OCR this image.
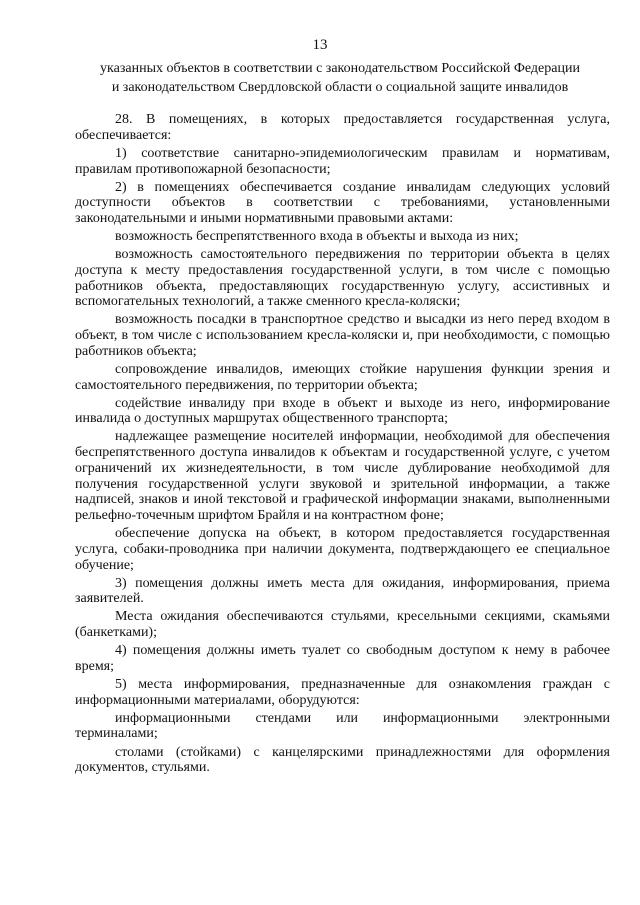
13
указанных объектов в соответствии с законодательством Российской Федерации
и законодательством Свердловской области о социальной защите инвалидов

28. В помещениях, в которых предоставляется государственная услуга, обеспечивается:

1) соответствие санитарно-эпидемиологическим правилам и нормативам, правилам противопожарной безопасности;

2) в помещениях обеспечивается создание инвалидам следующих условий доступности объектов в соответствии с требованиями, установленными законодательными и иными нормативными правовыми актами:

возможность беспрепятственного входа в объекты и выхода из них;

возможность самостоятельного передвижения по территории объекта в целях доступа к месту предоставления государственной услуги, в том числе с помощью работников объекта, предоставляющих государственную услугу, ассистивных и вспомогательных технологий, а также сменного кресла-коляски;

возможность посадки в транспортное средство и высадки из него перед входом в объект, в том числе с использованием кресла-коляски и, при необходимости, с помощью работников объекта;

сопровождение инвалидов, имеющих стойкие нарушения функции зрения и самостоятельного передвижения, по территории объекта;

содействие инвалиду при входе в объект и выходе из него, информирование инвалида о доступных маршрутах общественного транспорта;

надлежащее размещение носителей информации, необходимой для обеспечения беспрепятственного доступа инвалидов к объектам и государственной услуге, с учетом ограничений их жизнедеятельности, в том числе дублирование необходимой для получения государственной услуги звуковой и зрительной информации, а также надписей, знаков и иной текстовой и графической информации знаками, выполненными рельефно-точечным шрифтом Брайля и на контрастном фоне;

обеспечение допуска на объект, в котором предоставляется государственная услуга, собаки-проводника при наличии документа, подтверждающего ее специальное обучение;

3) помещения должны иметь места для ожидания, информирования, приема заявителей.

Места ожидания обеспечиваются стульями, кресельными секциями, скамьями (банкетками);

4) помещения должны иметь туалет со свободным доступом к нему в рабочее время;

5) места информирования, предназначенные для ознакомления граждан с информационными материалами, оборудуются:

информационными стендами или информационными электронными терминалами;

столами (стойками) с канцелярскими принадлежностями для оформления документов, стульями.
